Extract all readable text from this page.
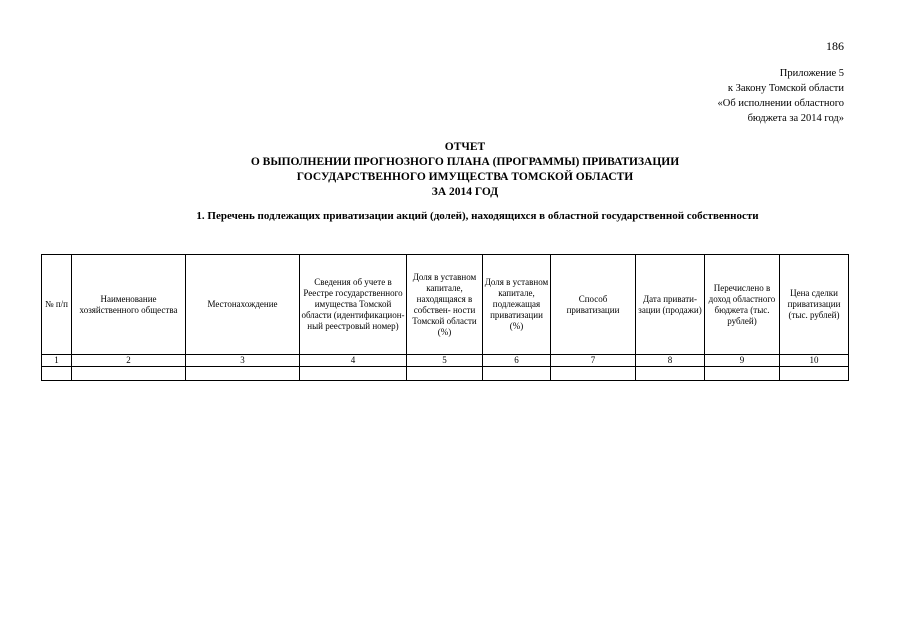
186
Приложение 5
к Закону Томской области
«Об исполнении областного
бюджета за 2014 год»
ОТЧЕТ
О ВЫПОЛНЕНИИ ПРОГНОЗНОГО ПЛАНА (ПРОГРАММЫ) ПРИВАТИЗАЦИИ
ГОСУДАРСТВЕННОГО ИМУЩЕСТВА ТОМСКОЙ ОБЛАСТИ
ЗА 2014 ГОД
1. Перечень подлежащих приватизации акций (долей), находящихся в областной государственной собственности
№ п/п	Наименование хозяйственного общества	Местонахождение	Сведения об учете в Реестре государственного имущества Томской области (идентификацион- ный реестровый номер)	Доля в уставном капитале, находящаяся в собствен- ности Томской области (%)	Доля в уставном капитале, подлежащая приватизации (%)	Способ приватизации	Дата привати- зации (продажи)	Перечислено в доход областного бюджета (тыс. рублей)	Цена сделки приватизации (тыс. рублей)
1	2	3	4	5	6	7	8	9	10
